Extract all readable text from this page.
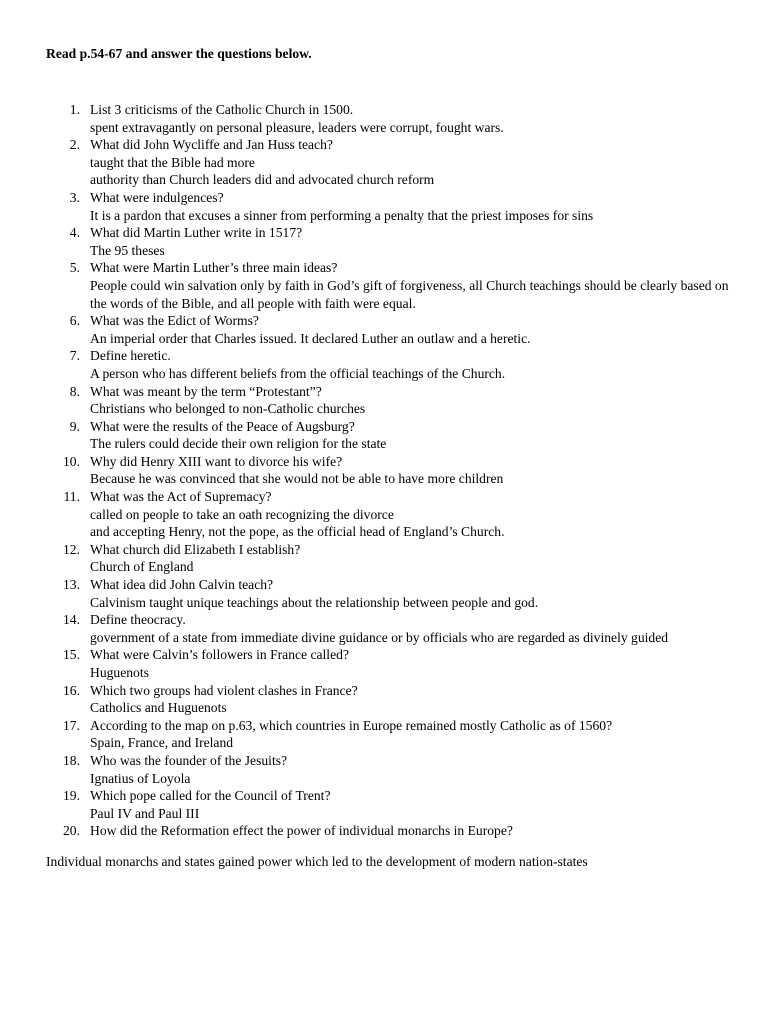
Read p.54-67 and answer the questions below.
1. List 3 criticisms of the Catholic Church in 1500.
spent extravagantly on personal pleasure, leaders were corrupt, fought wars.
2. What did John Wycliffe and Jan Huss teach?
taught that the Bible had more
authority than Church leaders did and advocated church reform
3. What were indulgences?
It is a pardon that excuses a sinner from performing a penalty that the priest imposes for sins
4. What did Martin Luther write in 1517?
The 95 theses
5. What were Martin Luther’s three main ideas?
People could win salvation only by faith in God’s gift of forgiveness, all Church teachings should be clearly based on the words of the Bible, and all people with faith were equal.
6. What was the Edict of Worms?
An imperial order that Charles issued. It declared Luther an outlaw and a heretic.
7. Define heretic.
A person who has different beliefs from the official teachings of the Church.
8. What was meant by the term “Protestant”?
Christians who belonged to non-Catholic churches
9. What were the results of the Peace of Augsburg?
The rulers could decide their own religion for the state
10. Why did Henry XIII want to divorce his wife?
Because he was convinced that she would not be able to have more children
11. What was the Act of Supremacy?
called on people to take an oath recognizing the divorce
and accepting Henry, not the pope, as the official head of England’s Church.
12. What church did Elizabeth I establish?
Church of England
13. What idea did John Calvin teach?
Calvinism taught unique teachings about the relationship between people and god.
14. Define theocracy.
government of a state from immediate divine guidance or by officials who are regarded as divinely guided
15. What were Calvin’s followers in France called?
Huguenots
16. Which two groups had violent clashes in France?
Catholics and Huguenots
17. According to the map on p.63, which countries in Europe remained mostly Catholic as of 1560?
Spain, France, and Ireland
18. Who was the founder of the Jesuits?
Ignatius of Loyola
19. Which pope called for the Council of Trent?
Paul IV and Paul III
20. How did the Reformation effect the power of individual monarchs in Europe?
Individual monarchs and states gained power which led to the development of modern nation-states
